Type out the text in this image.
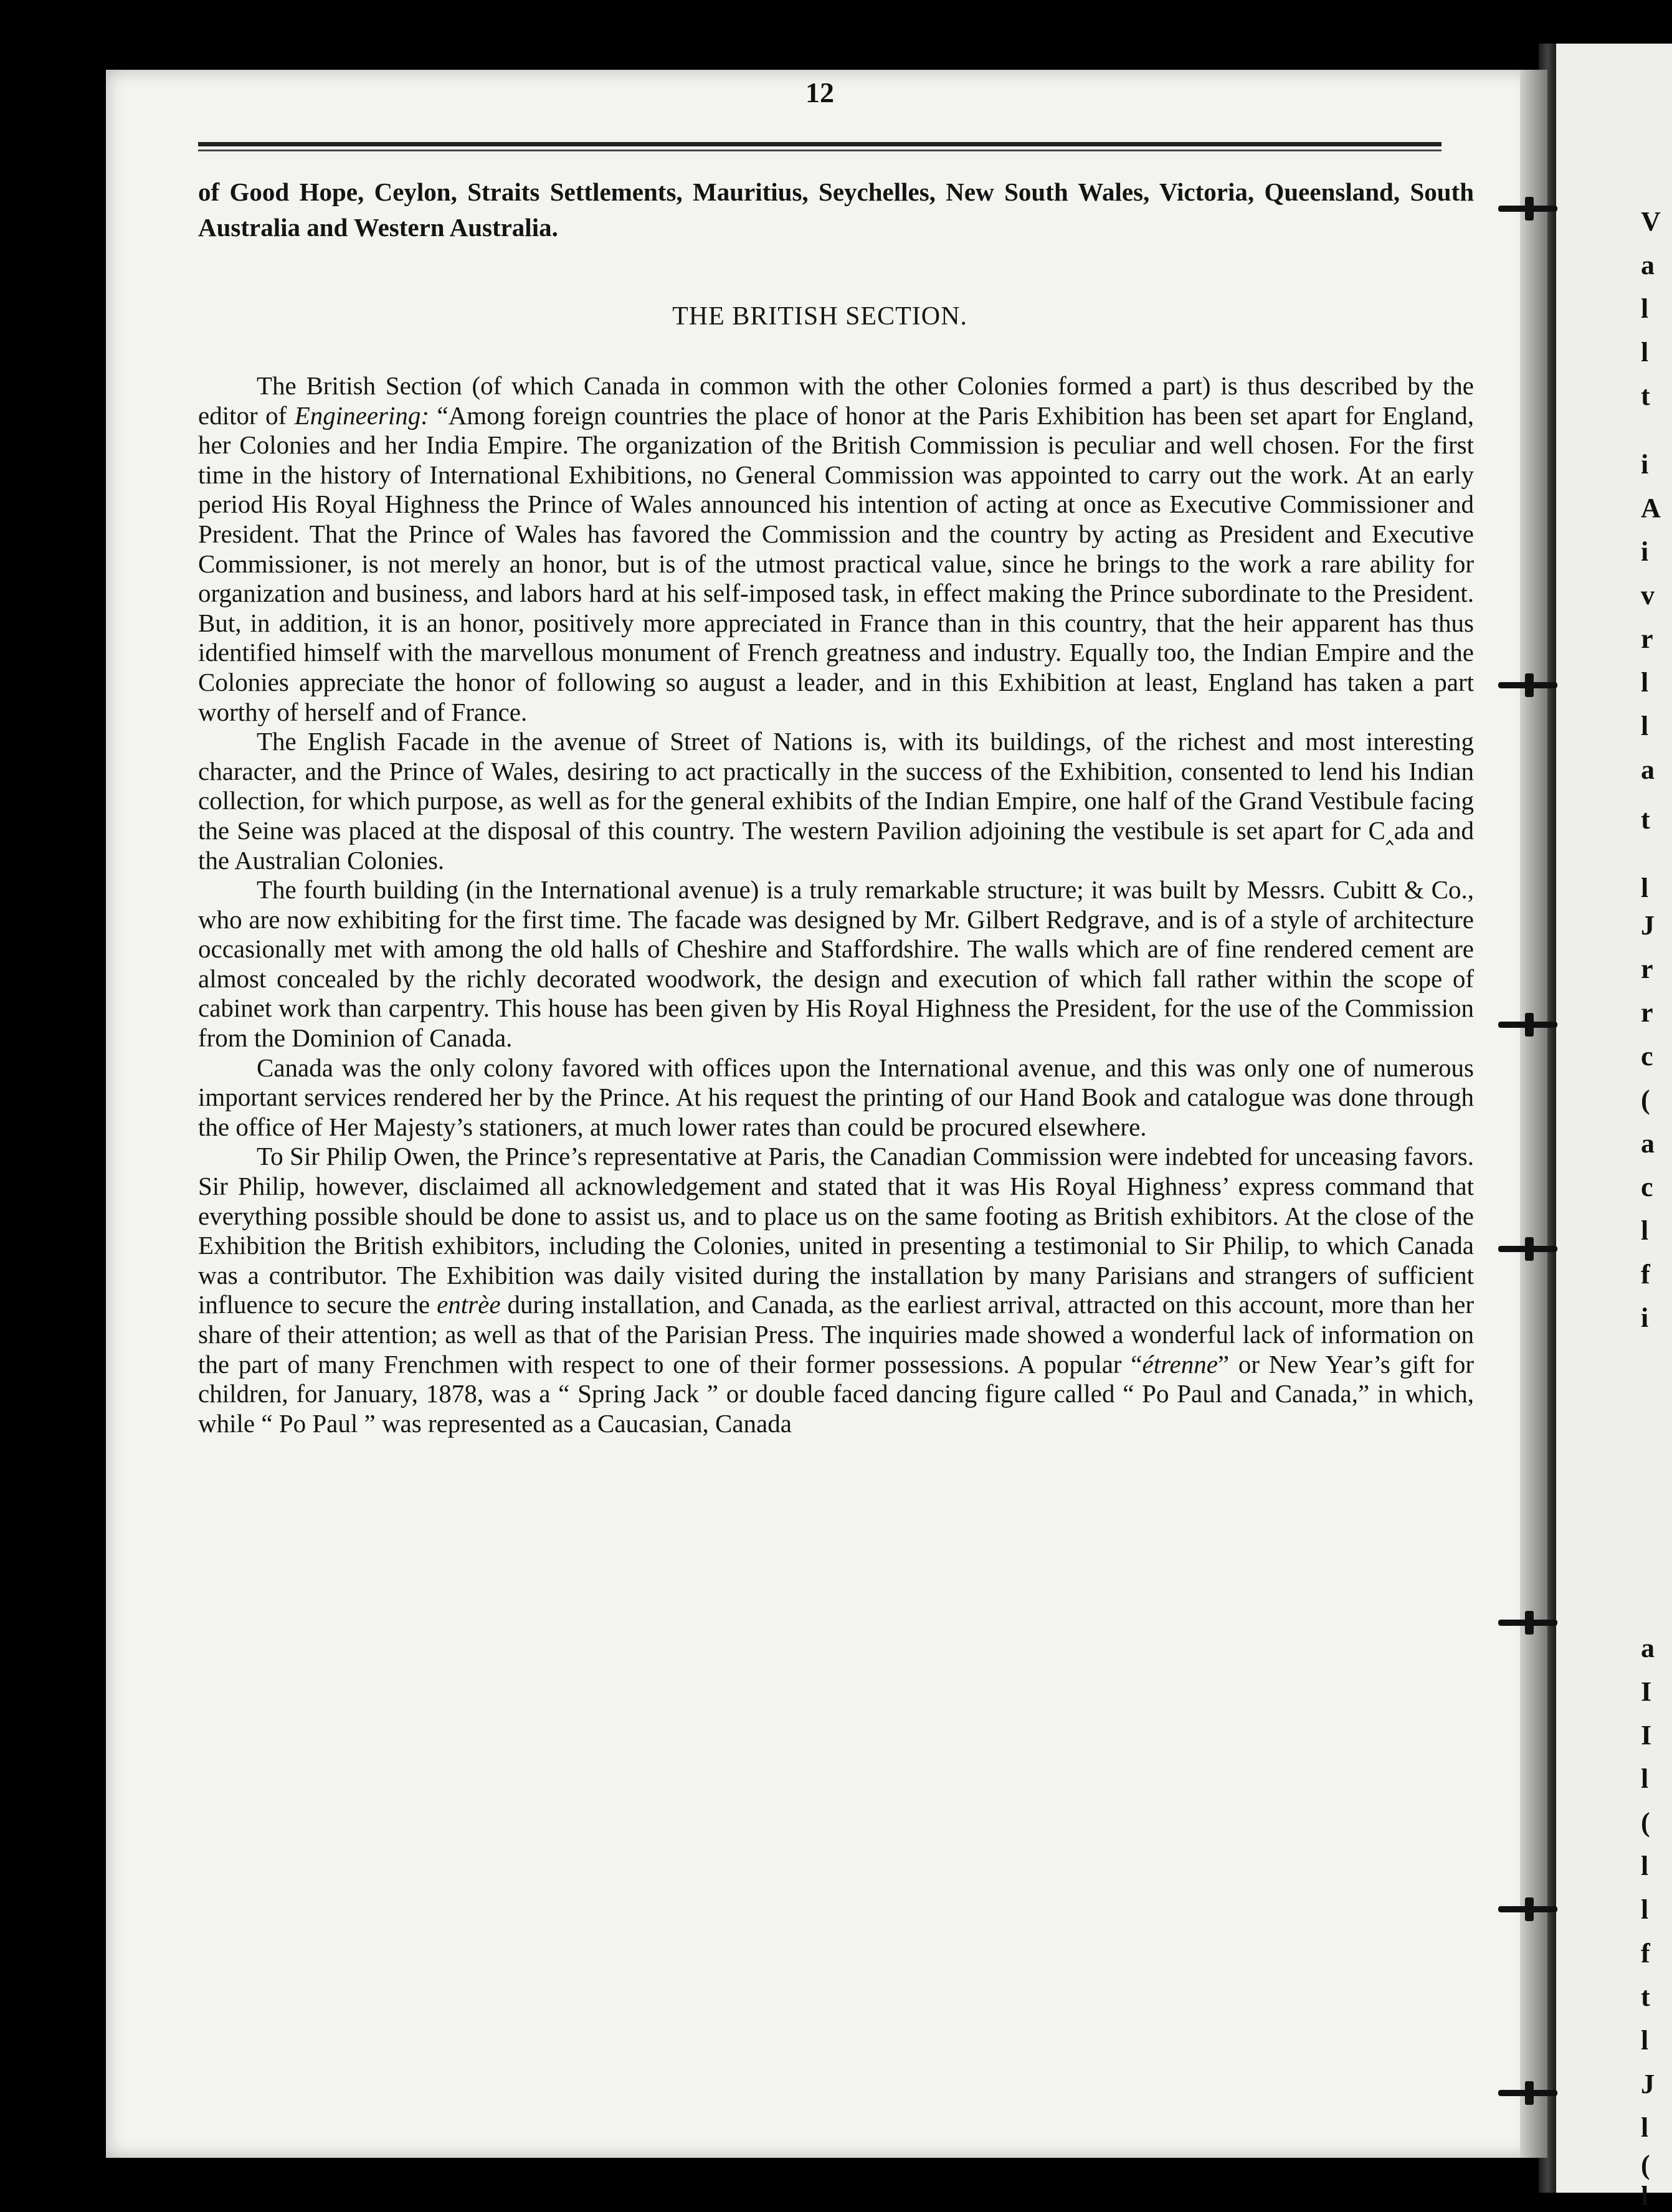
V
a
l
l
t
i
A
i
v
r
l
l
a
t
l
J
r
r
c
(
a
c
l
f
i
a
I
I
l
(
l
l
f
t
l
J
l
(
l
12
of Good Hope, Ceylon, Straits Settlements, Mauritius, Seychelles, New South Wales, Victoria, Queensland, South Australia and Western Australia.
THE BRITISH SECTION.

The British Section (of which Canada in common with the other Colonies formed a part) is thus described by the editor of Engineering: “Among foreign countries the place of honor at the Paris Exhibition has been set apart for England, her Colonies and her India Empire. The organization of the British Commission is peculiar and well chosen. For the first time in the history of International Exhibitions, no General Commission was appointed to carry out the work. At an early period His Royal Highness the Prince of Wales announced his intention of acting at once as Executive Commissioner and President. That the Prince of Wales has favored the Commission and the country by acting as President and Executive Commissioner, is not merely an honor, but is of the utmost practical value, since he brings to the work a rare ability for organization and business, and labors hard at his self-imposed task, in effect making the Prince subordinate to the President. But, in addition, it is an honor, positively more appreciated in France than in this country, that the heir apparent has thus identified himself with the marvellous monument of French greatness and industry. Equally too, the Indian Empire and the Colonies appreciate the honor of following so august a leader, and in this Exhibition at least, England has taken a part worthy of herself and of France.

The English Facade in the avenue of Street of Nations is, with its buildings, of the richest and most interesting character, and the Prince of Wales, desiring to act practically in the success of the Exhibition, consented to lend his Indian collection, for which purpose, as well as for the general exhibits of the Indian Empire, one half of the Grand Vestibule facing the Seine was placed at the disposal of this country. The western Pavilion adjoining the vestibule is set apart for C‸ada and the Australian Colonies.

The fourth building (in the International avenue) is a truly remarkable structure; it was built by Messrs. Cubitt & Co., who are now exhibiting for the first time. The facade was designed by Mr. Gilbert Redgrave, and is of a style of architecture occasionally met with among the old halls of Cheshire and Staffordshire. The walls which are of fine rendered cement are almost concealed by the richly decorated woodwork, the design and execution of which fall rather within the scope of cabinet work than carpentry. This house has been given by His Royal Highness the President, for the use of the Commission from the Dominion of Canada.

Canada was the only colony favored with offices upon the International avenue, and this was only one of numerous important services rendered her by the Prince. At his request the printing of our Hand Book and catalogue was done through the office of Her Majesty’s stationers, at much lower rates than could be procured elsewhere.

To Sir Philip Owen, the Prince’s representative at Paris, the Canadian Commission were indebted for unceasing favors. Sir Philip, however, disclaimed all acknowledgement and stated that it was His Royal Highness’ express command that everything possible should be done to assist us, and to place us on the same footing as British exhibitors. At the close of the Exhibition the British exhibitors, including the Colonies, united in presenting a testimonial to Sir Philip, to which Canada was a contributor. The Exhibition was daily visited during the installation by many Parisians and strangers of sufficient influence to secure the entrèe during installation, and Canada, as the earliest arrival, attracted on this account, more than her share of their attention; as well as that of the Parisian Press. The inquiries made showed a wonderful lack of information on the part of many Frenchmen with respect to one of their former possessions. A popular “étrenne” or New Year’s gift for children, for January, 1878, was a “ Spring Jack ” or double faced dancing figure called “ Po Paul and Canada,” in which, while “ Po Paul ” was represented as a Caucasian, Canada
